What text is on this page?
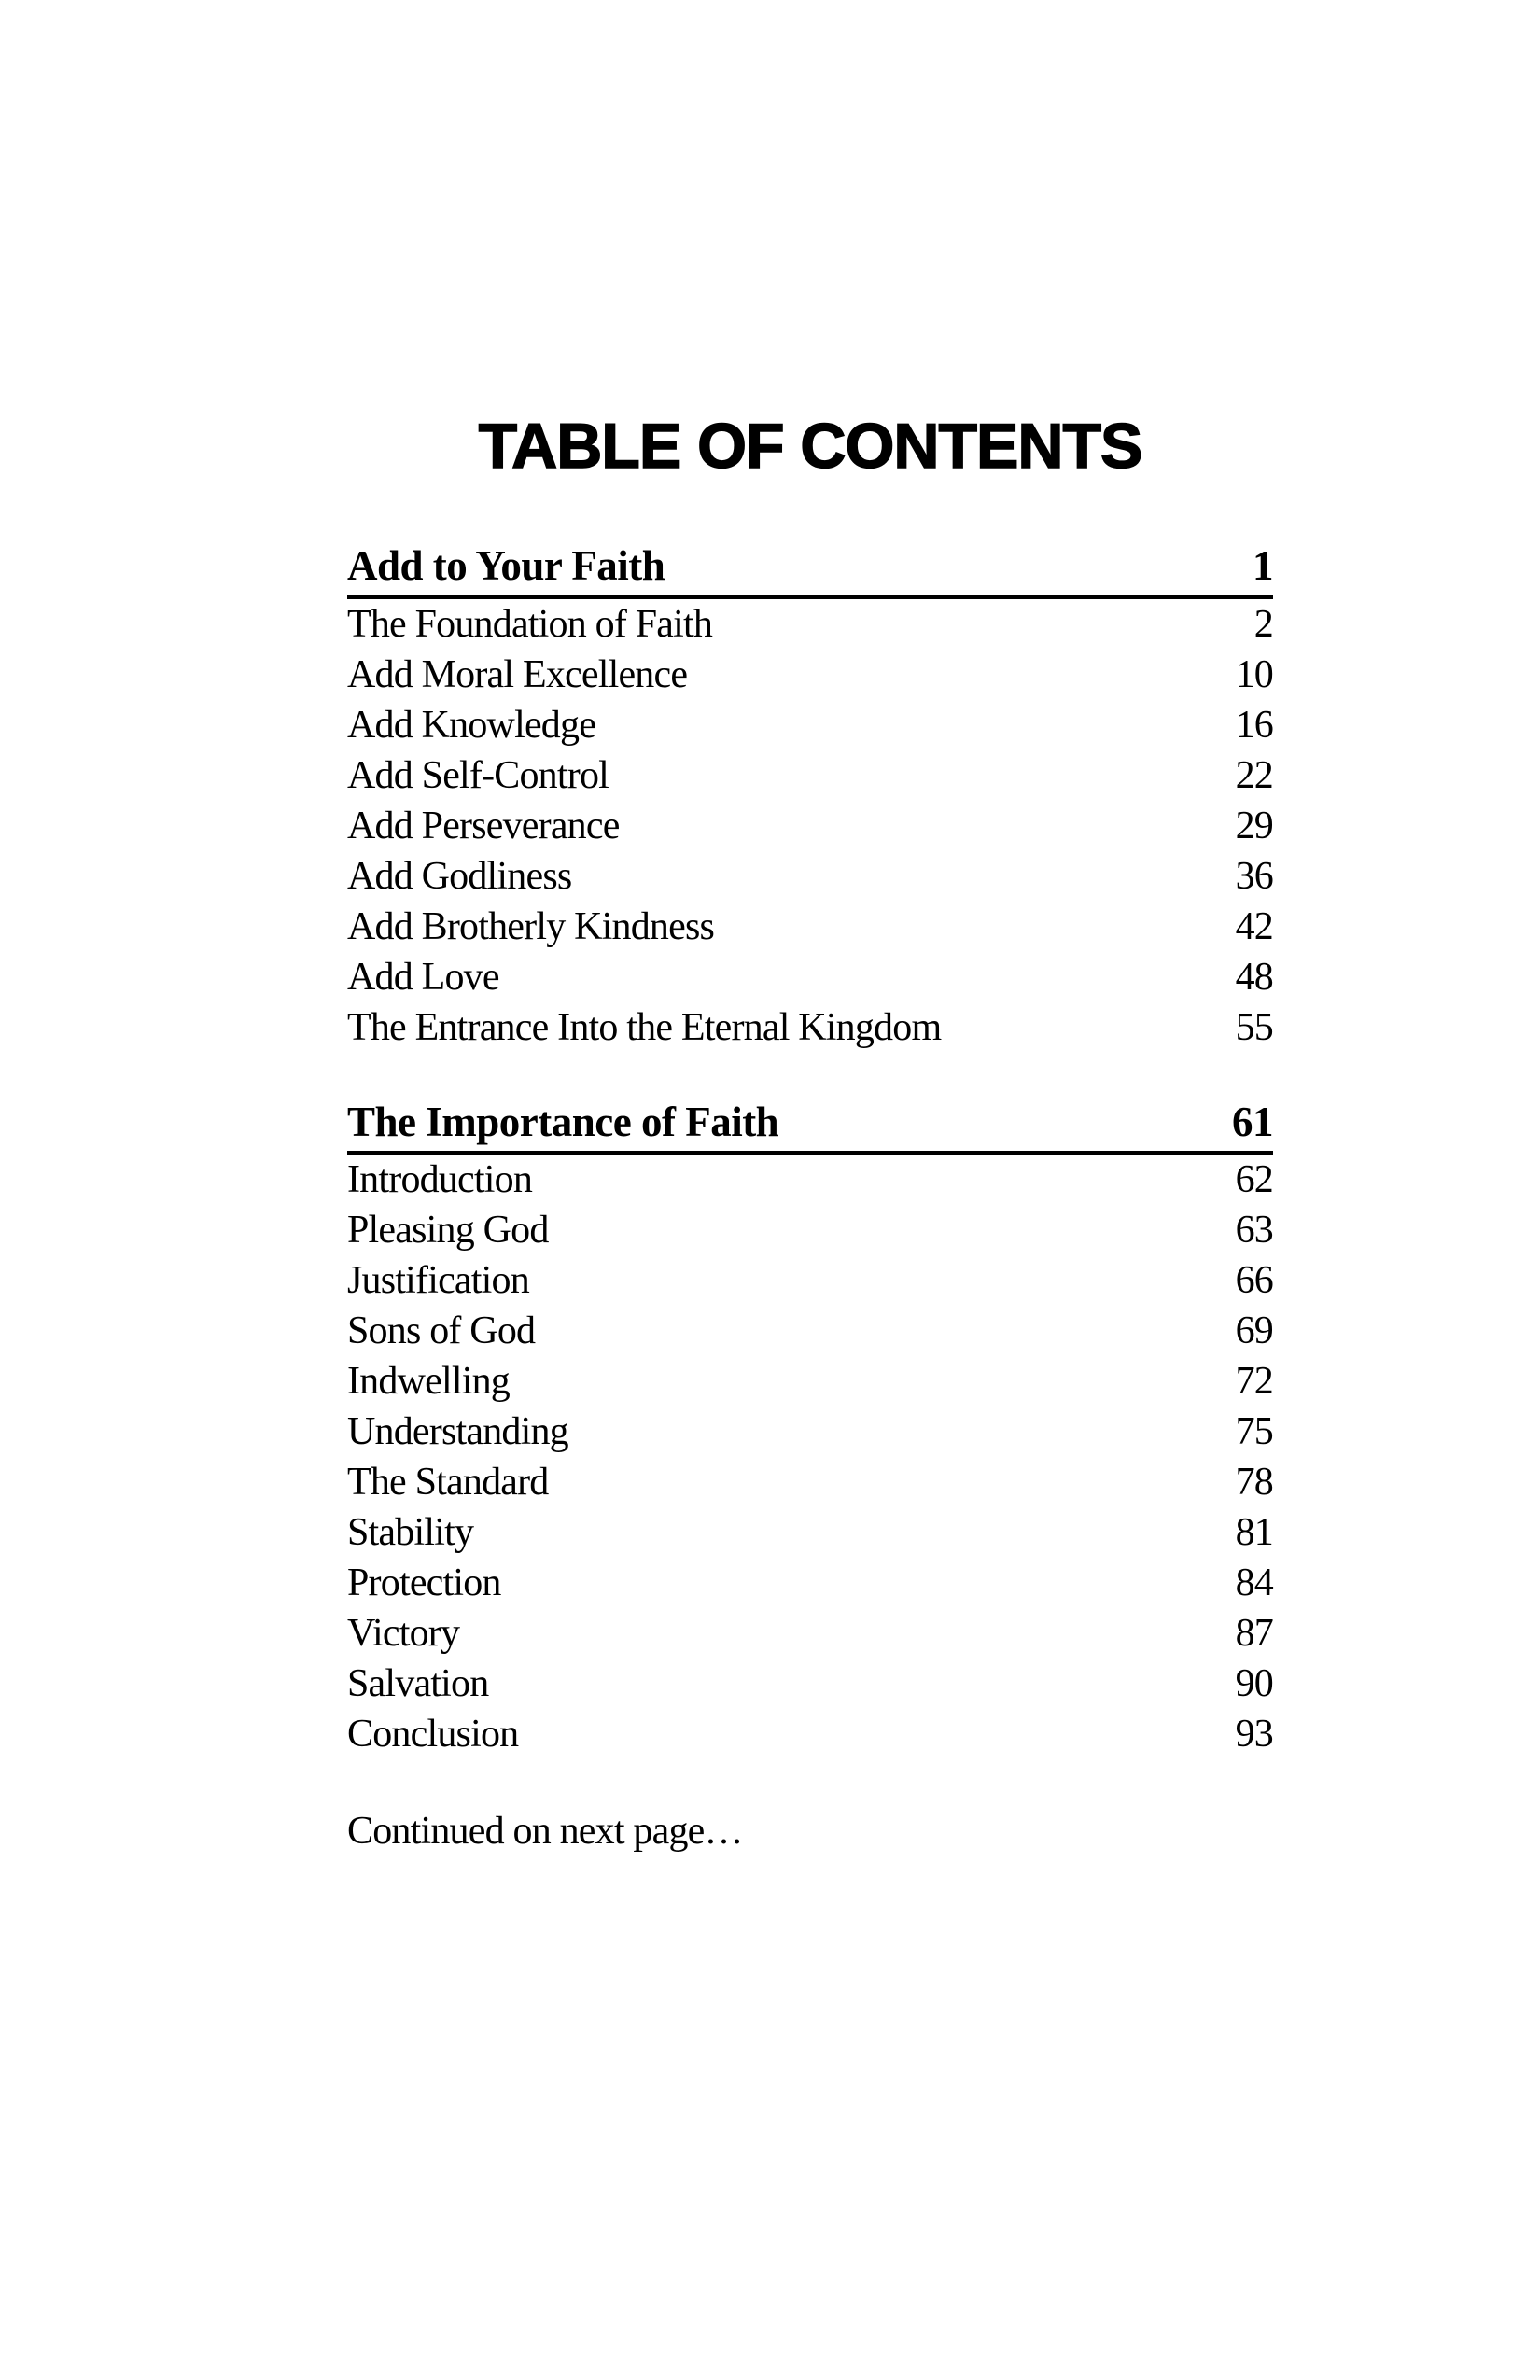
TABLE OF CONTENTS
Add to Your Faith	1
The Foundation of Faith	2
Add Moral Excellence	10
Add Knowledge	16
Add Self-Control	22
Add Perseverance	29
Add Godliness	36
Add Brotherly Kindness	42
Add Love	48
The Entrance Into the Eternal Kingdom	55
The Importance of Faith	61
Introduction	62
Pleasing God	63
Justification	66
Sons of God	69
Indwelling	72
Understanding	75
The Standard	78
Stability	81
Protection	84
Victory	87
Salvation	90
Conclusion	93

Continued on next page…
